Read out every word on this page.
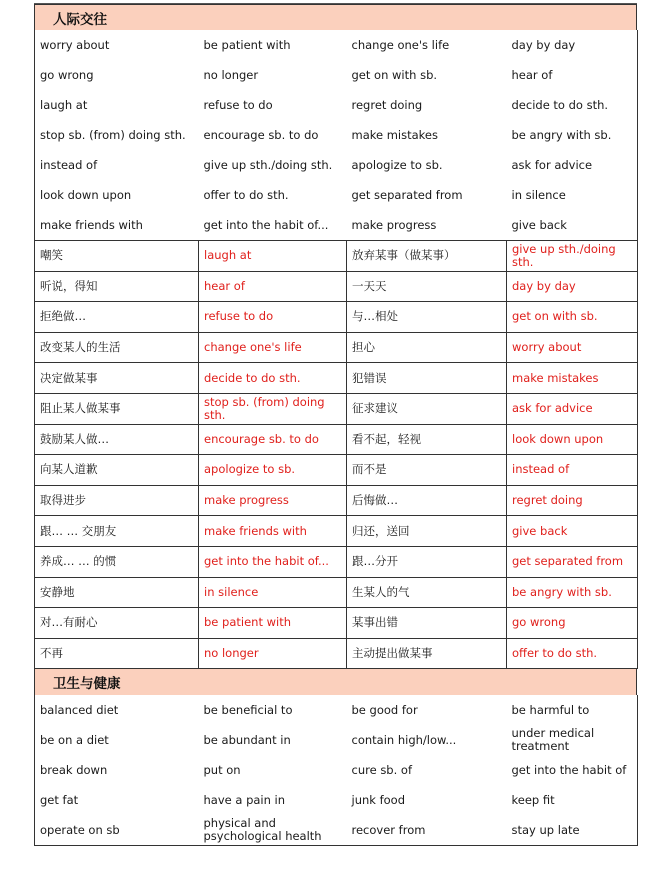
人际交往
worry about	be patient with	change one's life	day by day
go wrong	no longer	get on with sb.	hear of
laugh at	refuse to do	regret doing	decide to do sth.
stop sb. (from) doing sth.	encourage sb. to do	make mistakes	be angry with sb.
instead of	give up sth./doing sth.	apologize to sb.	ask for advice
look down upon	offer to do sth.	get separated from	in silence
make friends with	get into the habit of...	make progress	give back
嘲笑	laugh at	放弃某事（做某事）	give up sth./doing sth.
听说，得知	hear of	一天天	day by day
拒绝做…	refuse to do	与…相处	get on with sb.
改变某人的生活	change one's life	担心	worry about
决定做某事	decide to do sth.	犯错误	make mistakes
阻止某人做某事	stop sb. (from) doing sth.	征求建议	ask for advice
鼓励某人做…	encourage sb. to do	看不起，轻视	look down upon
向某人道歉	apologize to sb.	而不是	instead of
取得进步	make progress	后悔做…	regret doing
跟… … 交朋友	make friends with	归还，送回	give back
养成… … 的惯	get into the habit of...	跟…分开	get separated from
安静地	in silence	生某人的气	be angry with sb.
对…有耐心	be patient with	某事出错	go wrong
不再	no longer	主动提出做某事	offer to do sth.
卫生与健康
balanced diet	be beneficial to	be good for	be harmful to
be on a diet	be abundant in	contain high/low...	under medical treatment
break down	put on	cure sb. of	get into the habit of
get fat	have a pain in	junk food	keep fit
operate on sb	physical and psychological health	recover from	stay up late
